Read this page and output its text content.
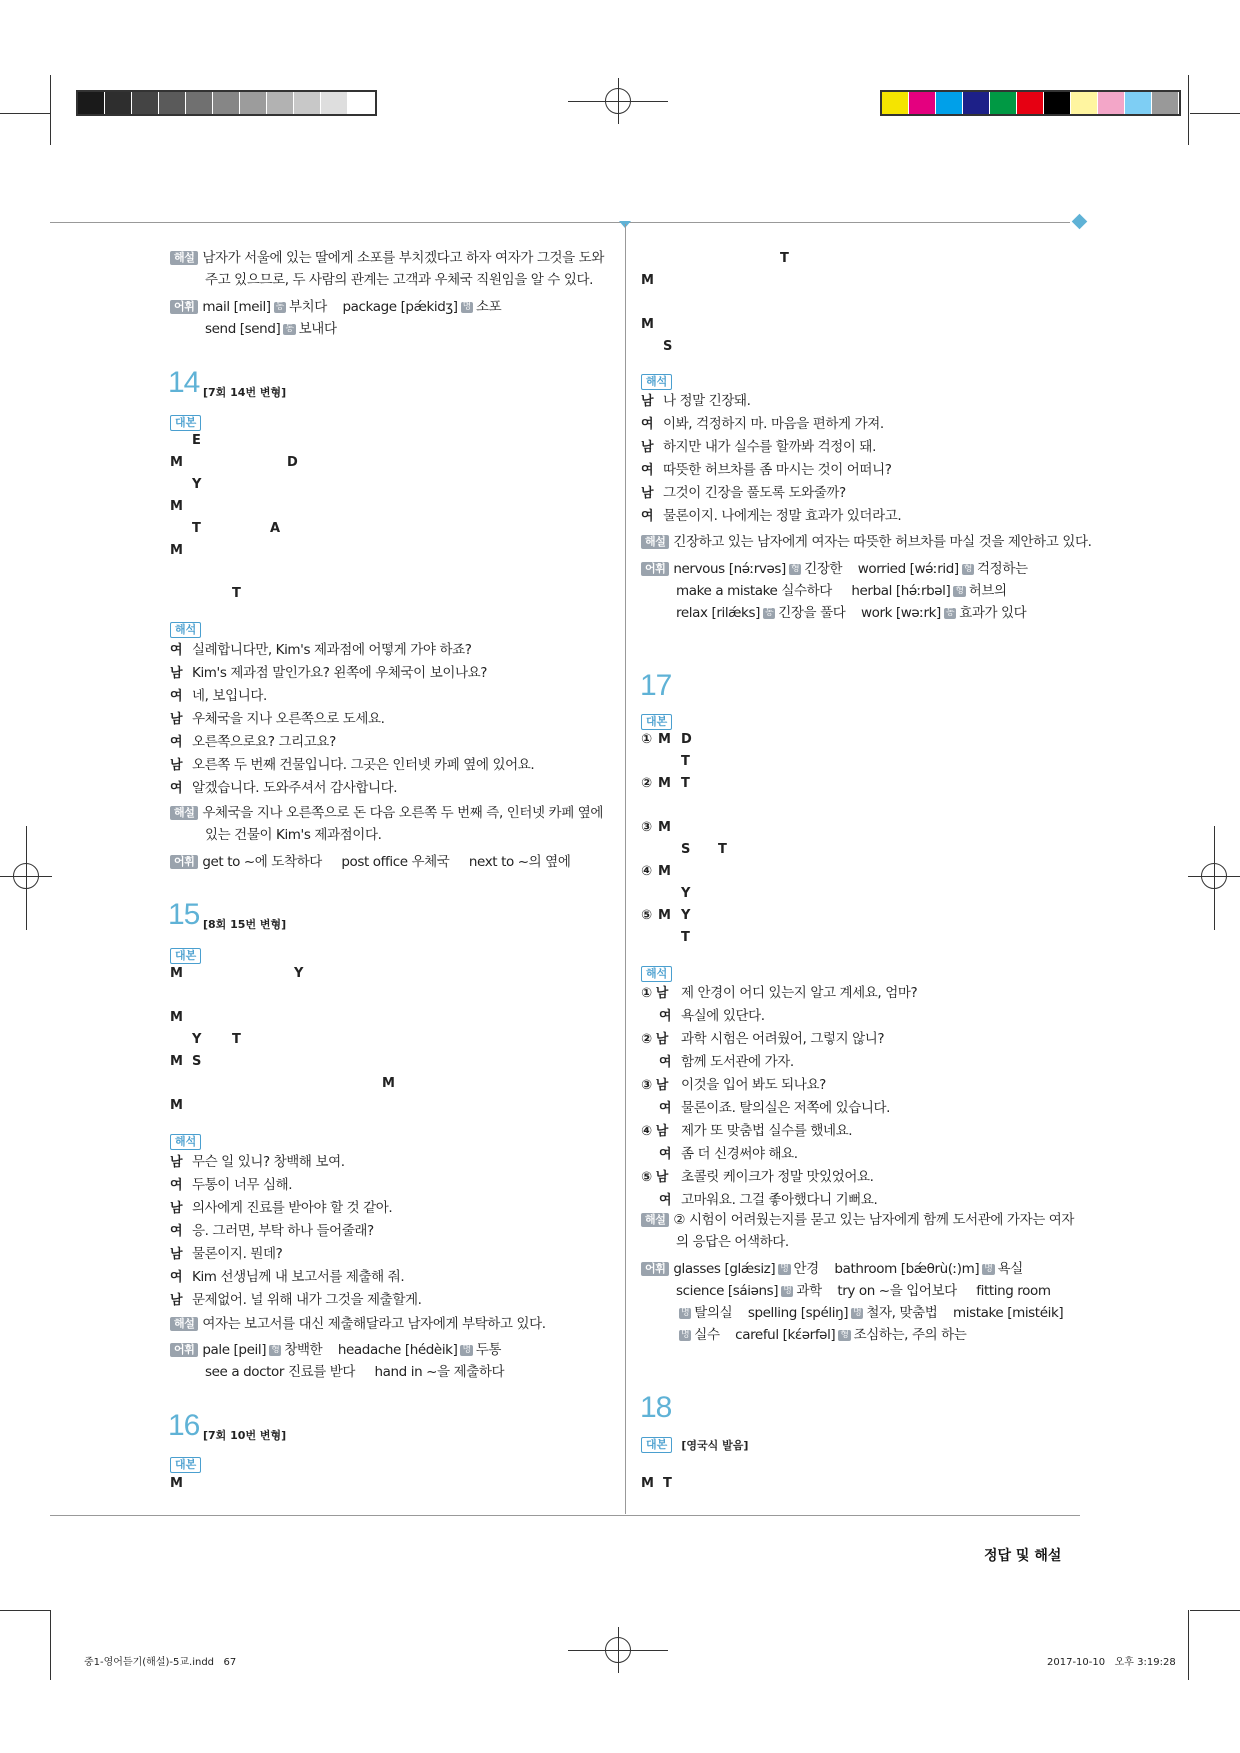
해설 남자가 서울에 있는 딸에게 소포를 부치겠다고 하자 여자가 그것을 도와
주고 있으므로, 두 사람의 관계는 고객과 우체국 직원임을 알 수 있다.
어휘 mail [meil] 동 부치다 package [pǽkidʒ] 명 소포
send [send] 동 보내다
14 [7회 14번 변형]
대본
E
M	D
Y
M
T	A
M
T
해석
여 실례합니다만, Kim's 제과점에 어떻게 가야 하죠?
남 Kim's 제과점 말인가요? 왼쪽에 우체국이 보이나요?
여 네, 보입니다.
남 우체국을 지나 오른쪽으로 도세요.
여 오른쪽으로요? 그리고요?
남 오른쪽 두 번째 건물입니다. 그곳은 인터넷 카페 옆에 있어요.
여 알겠습니다. 도와주셔서 감사합니다.
해설 우체국을 지나 오른쪽으로 돈 다음 오른쪽 두 번째 즉, 인터넷 카페 옆에
있는 건물이 Kim's 제과점이다.
어휘 get to ~에 도착하다     post office 우체국     next to ~의 옆에
15 [8회 15번 변형]
대본
M	Y
M
Y T
M S
M
M
해석
남 무슨 일 있니? 창백해 보여.
여 두통이 너무 심해.
남 의사에게 진료를 받아야 할 것 같아.
여 응. 그러면, 부탁 하나 들어줄래?
남 물론이지. 뭔데?
여 Kim 선생님께 내 보고서를 제출해 줘.
남 문제없어. 널 위해 내가 그것을 제출할게.
해설 여자는 보고서를 대신 제출해달라고 남자에게 부탁하고 있다.
어휘 pale [peil] 형 창백한 headache [hédèik] 명 두통
see a doctor 진료를 받다     hand in ~을 제출하다
16 [7회 10번 변형]
대본
M
T
M
M
S
해석
남 나 정말 긴장돼.
여 이봐, 걱정하지 마. 마음을 편하게 가져.
남 하지만 내가 실수를 할까봐 걱정이 돼.
여 따뜻한 허브차를 좀 마시는 것이 어떠니?
남 그것이 긴장을 풀도록 도와줄까?
여 물론이지. 나에게는 정말 효과가 있더라고.
해설 긴장하고 있는 남자에게 여자는 따뜻한 허브차를 마실 것을 제안하고 있다.
어휘 nervous [nə́ːrvəs] 형 긴장한 worried [wə́ːrid] 형 걱정하는
make a mistake 실수하다     herbal [hə́ːrbəl] 형 허브의
relax [rilǽks] 동 긴장을 풀다 work [wəːrk] 동 효과가 있다
17
대본
① M D
T
② M T
③ M
S T
④ M
Y
⑤ M Y
T
해석
① 남 제 안경이 어디 있는지 알고 계세요, 엄마?
여 욕실에 있단다.
② 남 과학 시험은 어려웠어, 그렇지 않니?
여 함께 도서관에 가자.
③ 남 이것을 입어 봐도 되나요?
여 물론이죠. 탈의실은 저쪽에 있습니다.
④ 남 제가 또 맞춤법 실수를 했네요.
여 좀 더 신경써야 해요.
⑤ 남 초콜릿 케이크가 정말 맛있었어요.
여 고마워요. 그걸 좋아했다니 기뻐요.
해설 ② 시험이 어려웠는지를 묻고 있는 남자에게 함께 도서관에 가자는 여자
의 응답은 어색하다.
어휘 glasses [glǽsiz] 명 안경 bathroom [bǽθrù(ː)m] 명 욕실
science [sáiəns] 명 과학 try on ~을 입어보다     fitting room
명 탈의실 spelling [spéliŋ] 명 철자, 맞춤법 mistake [mistéik]
명 실수 careful [kέərfəl] 형 조심하는, 주의 하는
18
대본 [영국식 발음]
M T
정답 및 해설
중1-영어듣기(해설)-5교.indd   67	2017-10-10   오후 3:19:28
